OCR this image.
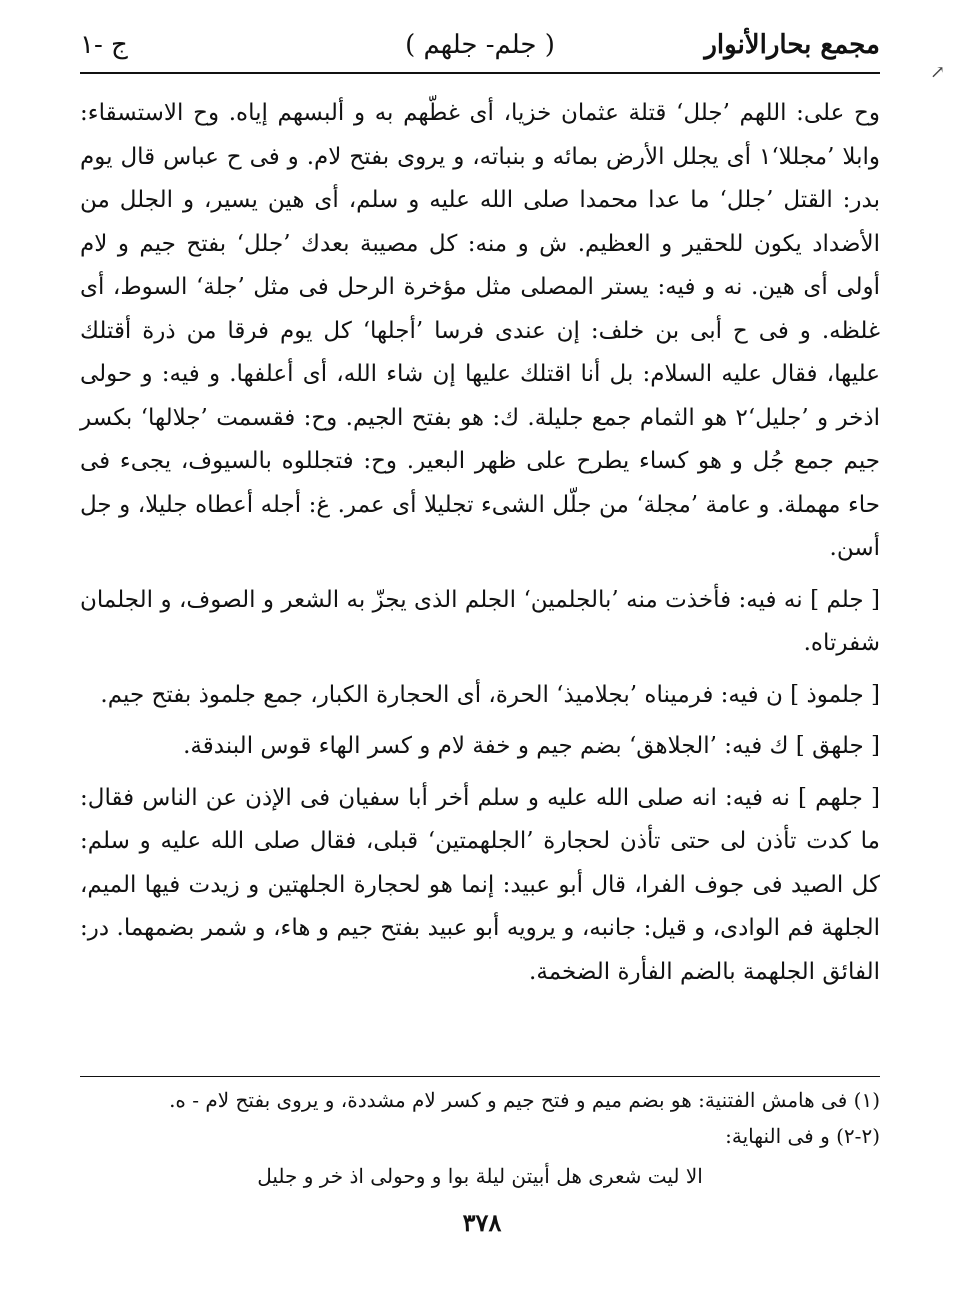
مجمع بحارالأنوار
( جلم- جلهم )
ج -١

وح على: اللهم ’جلل‘ قتلة عثمان خزيا، أى غطّهم به و ألبسهم إياه. وح الاستسقاء: وابلا ’مجللا‘١ أى يجلل الأرض بمائه و بنباته، و يروى بفتح لام. و فى ح عباس قال يوم بدر: القتل ’جلل‘ ما عدا محمدا صلى الله عليه و سلم، أى هين يسير، و الجلل من الأضداد يكون للحقير و العظيم. ش و منه: كل مصيبة بعدك ’جلل‘ بفتح جيم و لام أولى أى هين. نه و فيه: يستر المصلى مثل مؤخرة الرحل فى مثل ’جلة‘ السوط، أى غلظه. و فى ح أبى بن خلف: إن عندى فرسا ’أجلها‘ كل يوم فرقا من ذرة أقتلك عليها، فقال عليه السلام: بل أنا اقتلك عليها إن شاء الله، أى أعلفها. و فيه: و حولى اذخر و ’جليل‘٢ هو الثمام جمع جليلة. ك: هو بفتح الجيم. وح: فقسمت ’جلالها‘ بكسر جيم جمع جُل و هو كساء يطرح على ظهر البعير. وح: فتجللوه بالسيوف، يجىء فى حاء مهملة. و عامة ’مجلة‘ من جلّل الشىء تجليلا أى عمر. غ: أجله أعطاه جليلا، و جل أسن.

[ جلم ] نه فيه: فأخذت منه ’بالجلمين‘ الجلم الذى يجزّ به الشعر و الصوف، و الجلمان شفرتاه.

[ جلموذ ] ن فيه: فرميناه ’بجلاميذ‘ الحرة، أى الحجارة الكبار، جمع جلموذ بفتح جيم.

[ جلهق ] ك فيه: ’الجلاهق‘ بضم جيم و خفة لام و كسر الهاء قوس البندقة.

[ جلهم ] نه فيه: انه صلى الله عليه و سلم أخر أبا سفيان فى الإذن عن الناس فقال: ما كدت تأذن لى حتى تأذن لحجارة ’الجلهمتين‘ قبلى، فقال صلى الله عليه و سلم: كل الصيد فى جوف الفرا، قال أبو عبيد: إنما هو لحجارة الجلهتين و زيدت فيها الميم، الجلهة فم الوادى، و قيل: جانبه، و يرويه أبو عبيد بفتح جيم و هاء، و شمر بضمهما. در: الفائق الجلهمة بالضم الفأرة الضخمة.

(١) فى هامش الفتنية: هو بضم ميم و فتح جيم و كسر لام مشددة، و يروى بفتح لام - ه.

(٢-٢) و فى النهاية:

الا ليت شعرى هل أبيتن ليلة بوا و وحولى اذ خر و جليل

٣٧٨
↗
